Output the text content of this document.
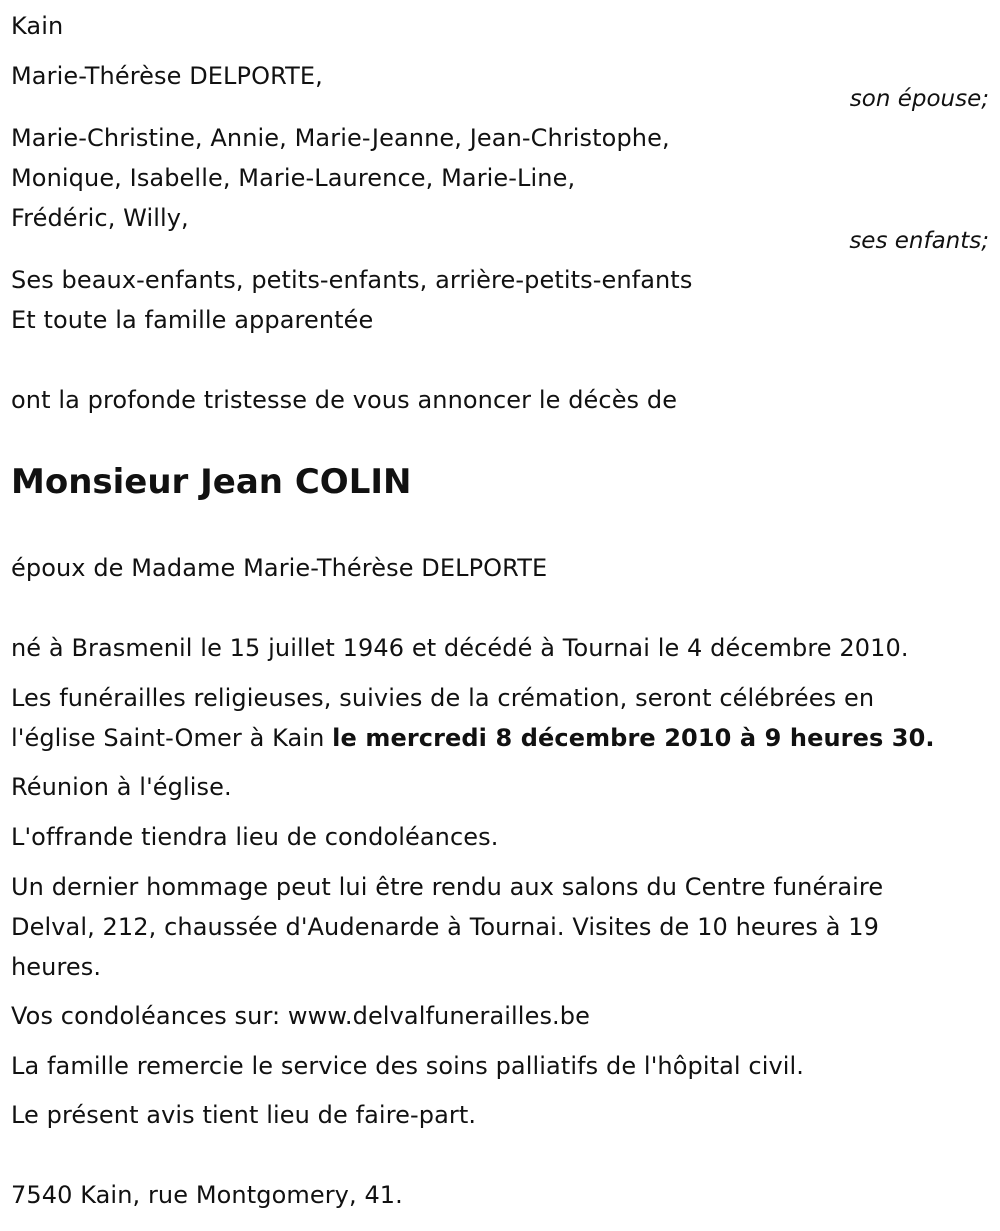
Kain
Marie-Thérèse DELPORTE,
son épouse;
Marie-Christine, Annie, Marie-Jeanne, Jean-Christophe,
Monique, Isabelle, Marie-Laurence, Marie-Line,
Frédéric, Willy,
ses enfants;
Ses beaux-enfants, petits-enfants, arrière-petits-enfants
Et toute la famille apparentée
ont la profonde tristesse de vous annoncer le décès de
Monsieur Jean COLIN
époux de Madame Marie-Thérèse DELPORTE
né à Brasmenil le 15 juillet 1946 et décédé à Tournai le 4 décembre 2010.
Les funérailles religieuses, suivies de la crémation, seront célébrées en
l'église Saint-Omer à Kain le mercredi 8 décembre 2010 à 9 heures 30.
Réunion à l'église.
L'offrande tiendra lieu de condoléances.
Un dernier hommage peut lui être rendu aux salons du Centre funéraire
Delval, 212, chaussée d'Audenarde à Tournai. Visites de 10 heures à 19
heures.
Vos condoléances sur: www.delvalfunerailles.be
La famille remercie le service des soins palliatifs de l'hôpital civil.
Le présent avis tient lieu de faire-part.
7540 Kain, rue Montgomery, 41.
